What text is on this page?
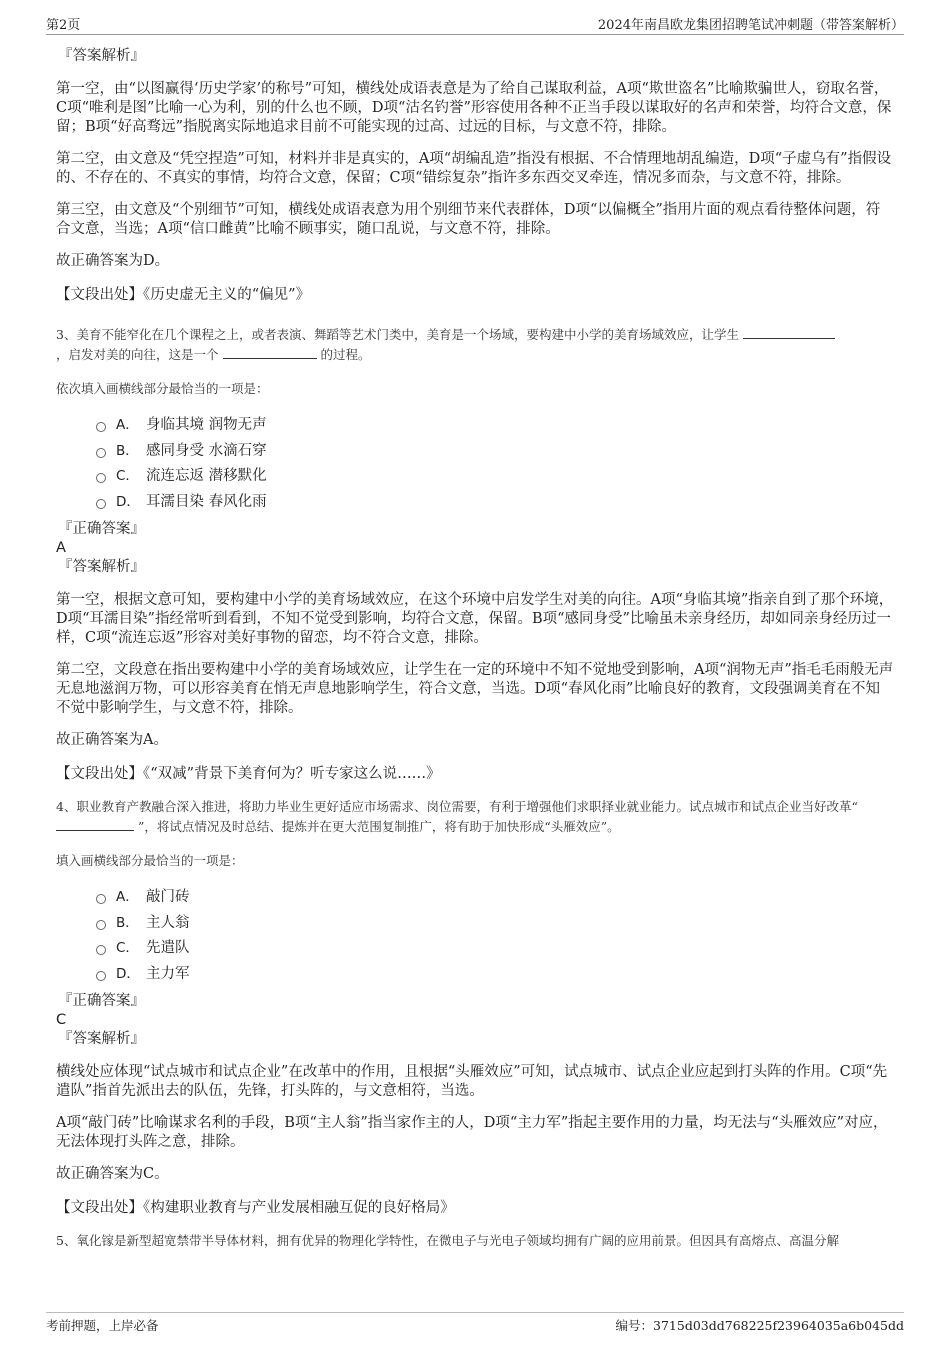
第2页	2024年南昌欧龙集团招聘笔试冲刺题（带答案解析）
『答案解析』

第一空，由“以图赢得‘历史学家’的称号”可知，横线处成语表意是为了给自己谋取利益，A项“欺世盗名”比喻欺骗世人，窃取名誉，C项“唯利是图”比喻一心为利，别的什么也不顾，D项“沽名钓誉”形容使用各种不正当手段以谋取好的名声和荣誉，均符合文意，保留；B项“好高骛远”指脱离实际地追求目前不可能实现的过高、过远的目标，与文意不符，排除。

第二空，由文意及“凭空捏造”可知，材料并非是真实的，A项“胡编乱造”指没有根据、不合情理地胡乱编造，D项“子虚乌有”指假设的、不存在的、不真实的事情，均符合文意，保留；C项“错综复杂”指许多东西交叉牵连，情况多而杂，与文意不符，排除。

第三空，由文意及“个别细节”可知，横线处成语表意为用个别细节来代表群体，D项“以偏概全”指用片面的观点看待整体问题，符合文意，当选；A项“信口雌黄”比喻不顾事实，随口乱说，与文意不符，排除。

故正确答案为D。

【文段出处】《历史虚无主义的“偏见”》

3、美育不能窄化在几个课程之上，或者表演、舞蹈等艺术门类中，美育是一个场域，要构建中小学的美育场域效应，让学生
，启发对美的向往，这是一个	的过程。

依次填入画横线部分最恰当的一项是：

A． 身临其境 润物无声
B． 感同身受 水滴石穿
C． 流连忘返 潜移默化
D． 耳濡目染 春风化雨
『正确答案』
A
『答案解析』

第一空，根据文意可知，要构建中小学的美育场域效应，在这个环境中启发学生对美的向往。A项“身临其境”指亲自到了那个环境，D项“耳濡目染”指经常听到看到，不知不觉受到影响，均符合文意，保留。B项“感同身受”比喻虽未亲身经历，却如同亲身经历过一样，C项“流连忘返”形容对美好事物的留恋，均不符合文意，排除。

第二空，文段意在指出要构建中小学的美育场域效应，让学生在一定的环境中不知不觉地受到影响，A项“润物无声”指毛毛雨般无声无息地滋润万物，可以形容美育在悄无声息地影响学生，符合文意，当选。D项“春风化雨”比喻良好的教育，文段强调美育在不知不觉中影响学生，与文意不符，排除。

故正确答案为A。

【文段出处】《“双减”背景下美育何为？听专家这么说……》

4、职业教育产教融合深入推进，将助力毕业生更好适应市场需求、岗位需要，有利于增强他们求职择业就业能力。试点城市和试点企业当好改革“  ”，将试点情况及时总结、提炼并在更大范围复制推广，将有助于加快形成“头雁效应”。

填入画横线部分最恰当的一项是：

A． 敲门砖
B． 主人翁
C． 先遣队
D． 主力军
『正确答案』
C
『答案解析』

横线处应体现“试点城市和试点企业”在改革中的作用，且根据“头雁效应”可知，试点城市、试点企业应起到打头阵的作用。C项“先遣队”指首先派出去的队伍，先锋，打头阵的，与文意相符，当选。

A项“敲门砖”比喻谋求名利的手段，B项“主人翁”指当家作主的人，D项“主力军”指起主要作用的力量，均无法与“头雁效应”对应，无法体现打头阵之意，排除。

故正确答案为C。

【文段出处】《构建职业教育与产业发展相融互促的良好格局》

5、氧化镓是新型超宽禁带半导体材料，拥有优异的物理化学特性，在微电子与光电子领域均拥有广阔的应用前景。但因具有高熔点、高温分解

考前押题，上岸必备	编号：3715d03dd768225f23964035a6b045dd
